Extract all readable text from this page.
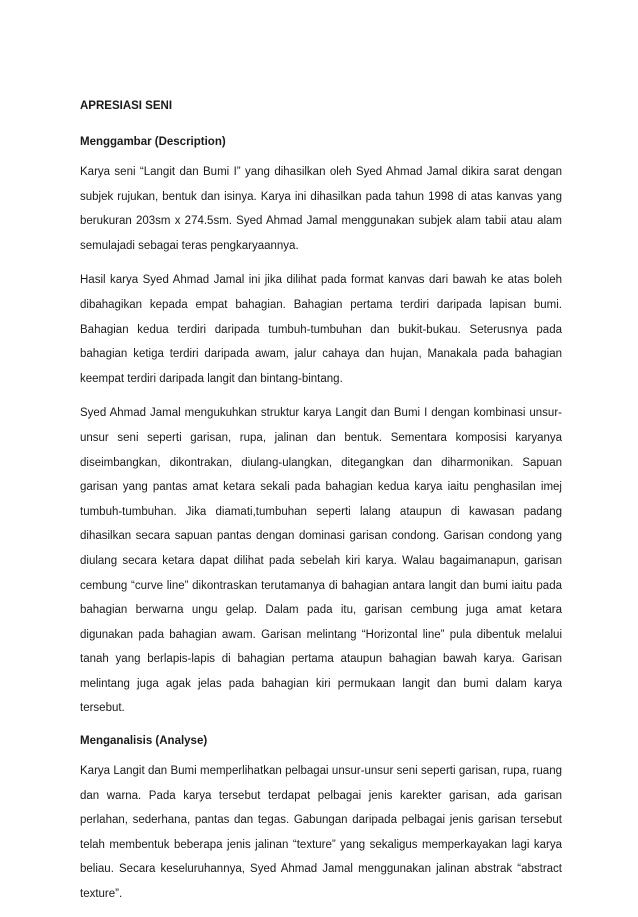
APRESIASI SENI
Menggambar (Description)

Karya seni “Langit dan Bumi I” yang dihasilkan oleh Syed Ahmad Jamal dikira sarat dengan subjek rujukan, bentuk dan isinya. Karya ini dihasilkan pada tahun 1998 di atas kanvas yang berukuran 203sm x 274.5sm. Syed Ahmad Jamal menggunakan subjek alam tabii atau alam semulajadi sebagai teras pengkaryaannya.

Hasil karya Syed Ahmad Jamal ini jika dilihat pada format kanvas dari bawah ke atas boleh dibahagikan kepada empat bahagian. Bahagian pertama terdiri daripada lapisan bumi. Bahagian kedua terdiri daripada tumbuh-tumbuhan dan bukit-bukau. Seterusnya pada bahagian ketiga terdiri daripada awam, jalur cahaya dan hujan, Manakala pada bahagian keempat terdiri daripada langit dan bintang-bintang.

Syed Ahmad Jamal mengukuhkan struktur karya Langit dan Bumi I dengan kombinasi unsur-unsur seni seperti garisan, rupa, jalinan dan bentuk. Sementara komposisi karyanya diseimbangkan, dikontrakan, diulang-ulangkan, ditegangkan dan diharmonikan. Sapuan garisan yang pantas amat ketara sekali pada bahagian kedua karya iaitu penghasilan imej tumbuh-tumbuhan. Jika diamati,tumbuhan seperti lalang ataupun di kawasan padang dihasilkan secara sapuan pantas dengan dominasi garisan condong. Garisan condong yang diulang secara ketara dapat dilihat pada sebelah kiri karya. Walau bagaimanapun, garisan cembung “curve line” dikontraskan terutamanya di bahagian antara langit dan bumi iaitu pada bahagian berwarna ungu gelap. Dalam pada itu, garisan cembung juga amat ketara digunakan pada bahagian awam. Garisan melintang “Horizontal line” pula dibentuk melalui tanah yang berlapis-lapis di bahagian pertama ataupun bahagian bawah karya. Garisan melintang juga agak jelas pada bahagian kiri permukaan langit dan bumi dalam karya tersebut.

Menganalisis (Analyse)

Karya Langit dan Bumi memperlihatkan pelbagai unsur-unsur seni seperti garisan, rupa, ruang dan warna. Pada karya tersebut terdapat pelbagai jenis karekter garisan, ada garisan perlahan, sederhana, pantas dan tegas. Gabungan daripada pelbagai jenis garisan tersebut telah membentuk beberapa jenis jalinan “texture” yang sekaligus memperkayakan lagi karya beliau. Secara keseluruhannya, Syed Ahmad Jamal menggunakan jalinan abstrak “abstract texture”.
